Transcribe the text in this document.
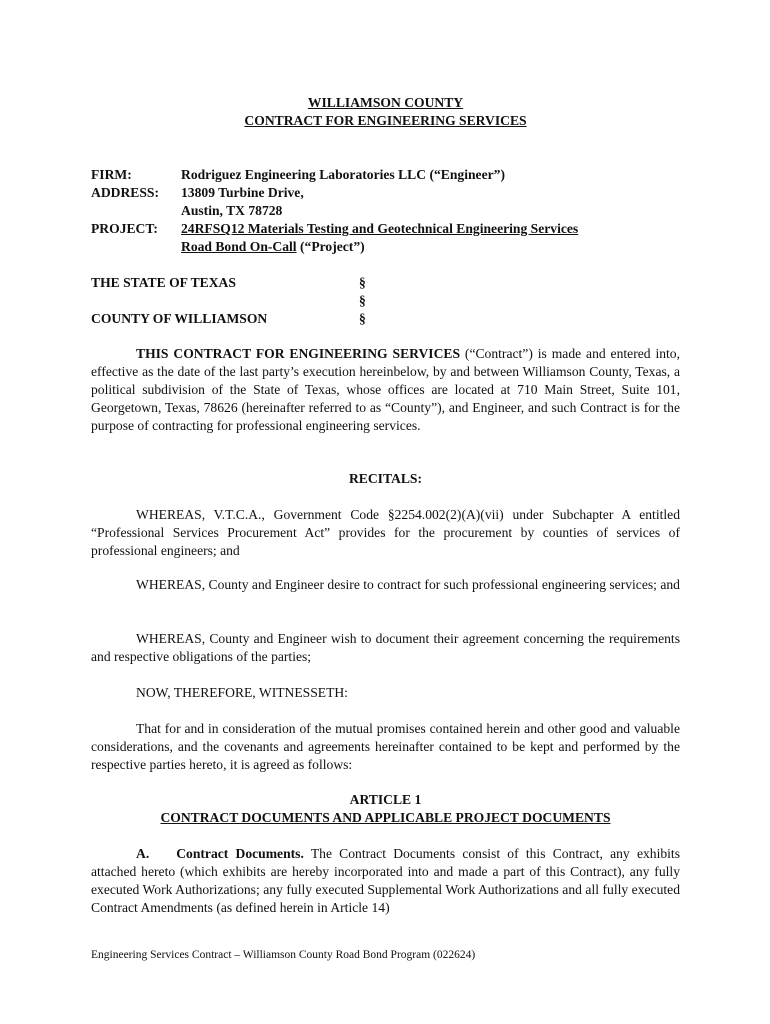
WILLIAMSON COUNTY
CONTRACT FOR ENGINEERING SERVICES
FIRM:	Rodriguez Engineering Laboratories LLC (“Engineer”)
ADDRESS: 13809 Turbine Drive,
Austin, TX 78728
PROJECT: 24RFSQ12 Materials Testing and Geotechnical Engineering Services
Road Bond On-Call (“Project”)
THE STATE OF TEXAS	§
§
COUNTY OF WILLIAMSON	§
THIS CONTRACT FOR ENGINEERING SERVICES (“Contract”) is made and entered into, effective as the date of the last party’s execution hereinbelow, by and between Williamson County, Texas, a political subdivision of the State of Texas, whose offices are located at 710 Main Street, Suite 101, Georgetown, Texas, 78626 (hereinafter referred to as “County”), and Engineer, and such Contract is for the purpose of contracting for professional engineering services.
RECITALS:
WHEREAS, V.T.C.A., Government Code §2254.002(2)(A)(vii) under Subchapter A entitled “Professional Services Procurement Act” provides for the procurement by counties of services of professional engineers; and
WHEREAS, County and Engineer desire to contract for such professional engineering services; and
WHEREAS, County and Engineer wish to document their agreement concerning the requirements and respective obligations of the parties;
NOW, THEREFORE, WITNESSETH:
That for and in consideration of the mutual promises contained herein and other good and valuable considerations, and the covenants and agreements hereinafter contained to be kept and performed by the respective parties hereto, it is agreed as follows:
ARTICLE 1
CONTRACT DOCUMENTS AND APPLICABLE PROJECT DOCUMENTS
A. Contract Documents. The Contract Documents consist of this Contract, any exhibits attached hereto (which exhibits are hereby incorporated into and made a part of this Contract), any fully executed Work Authorizations; any fully executed Supplemental Work Authorizations and all fully executed Contract Amendments (as defined herein in Article 14)
Engineering Services Contract – Williamson County Road Bond Program (022624)
